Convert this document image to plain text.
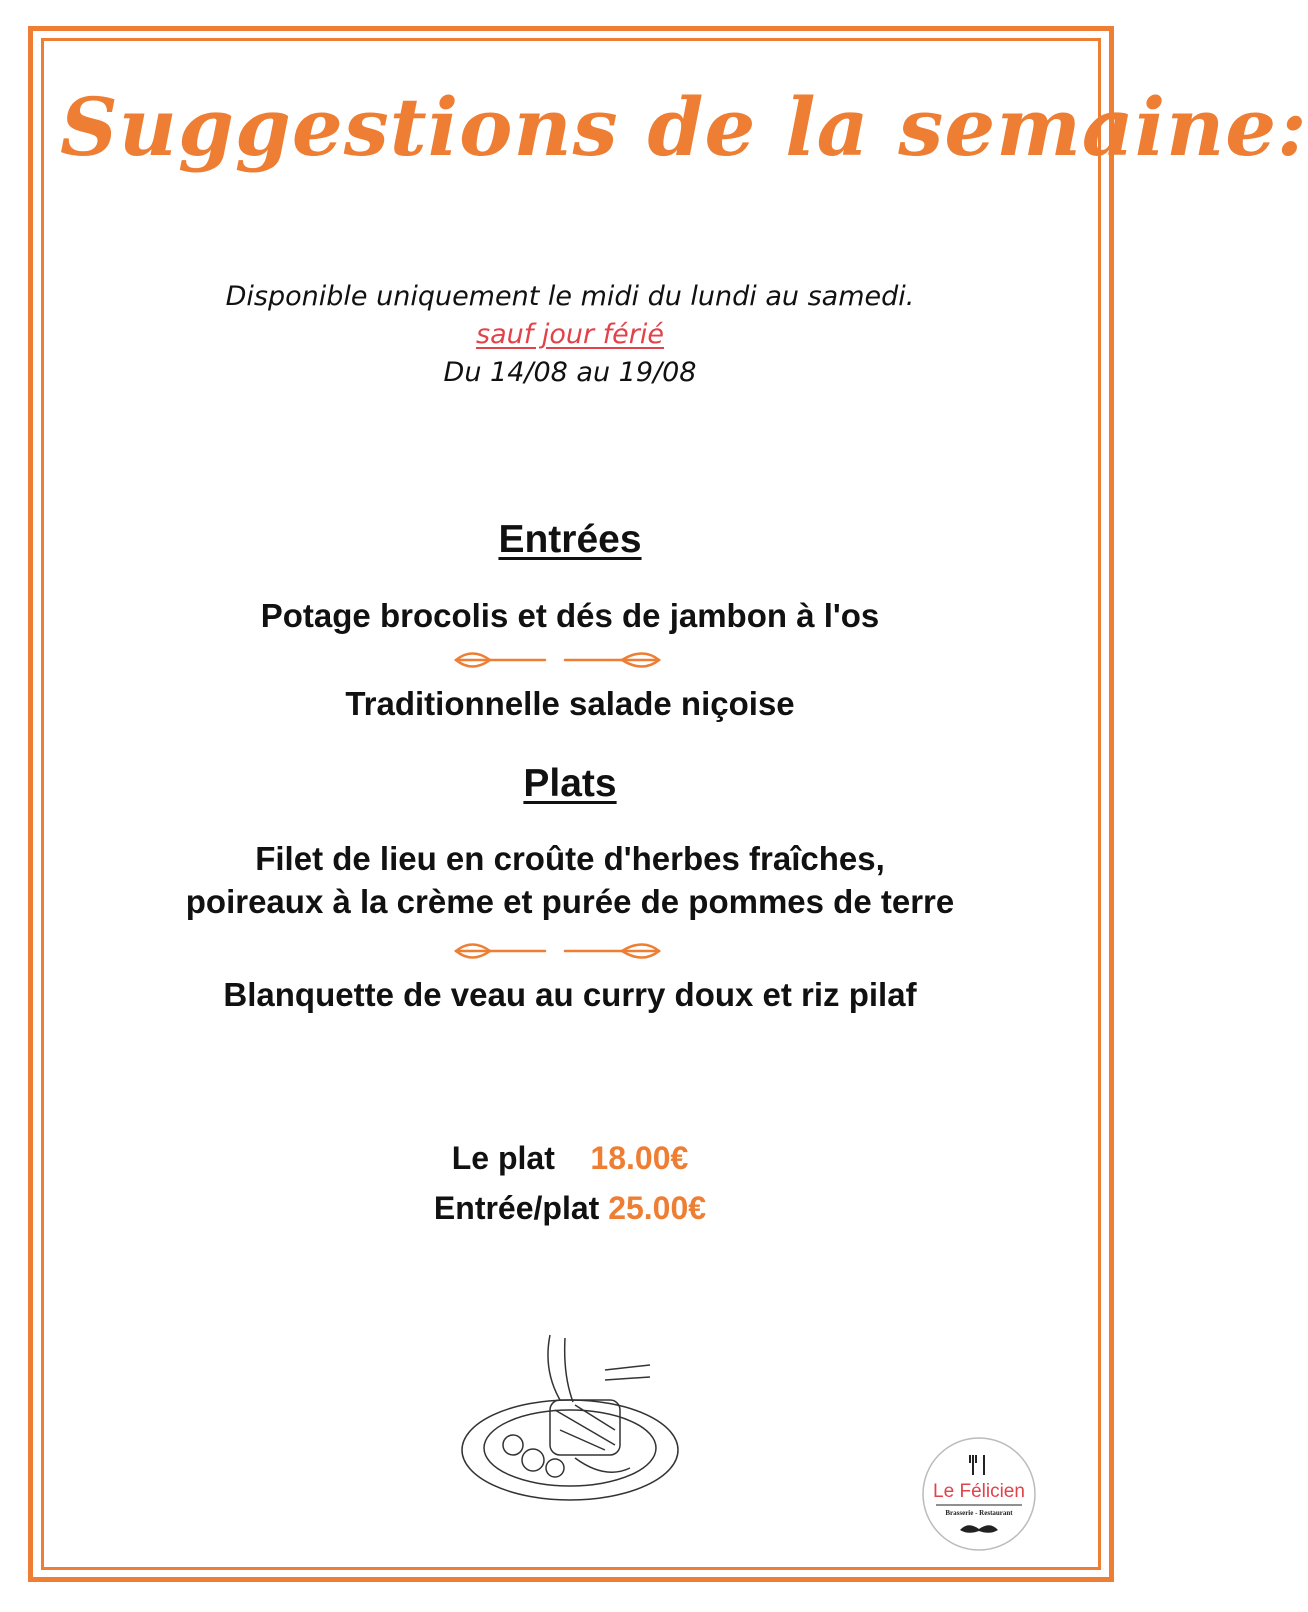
Suggestions de la semaine:
Disponible uniquement le midi du lundi au samedi.
sauf jour férié
Du 14/08 au 19/08
Entrées
Potage brocolis et dés de jambon à l'os
Traditionnelle salade niçoise
Plats
Filet de lieu en croûte d'herbes fraîches,
poireaux à la crème et purée de pommes de terre
Blanquette de veau au curry doux et riz pilaf
Le plat 18.00€
Entrée/plat 25.00€
Le Félicien
Brasserie - Restaurant
